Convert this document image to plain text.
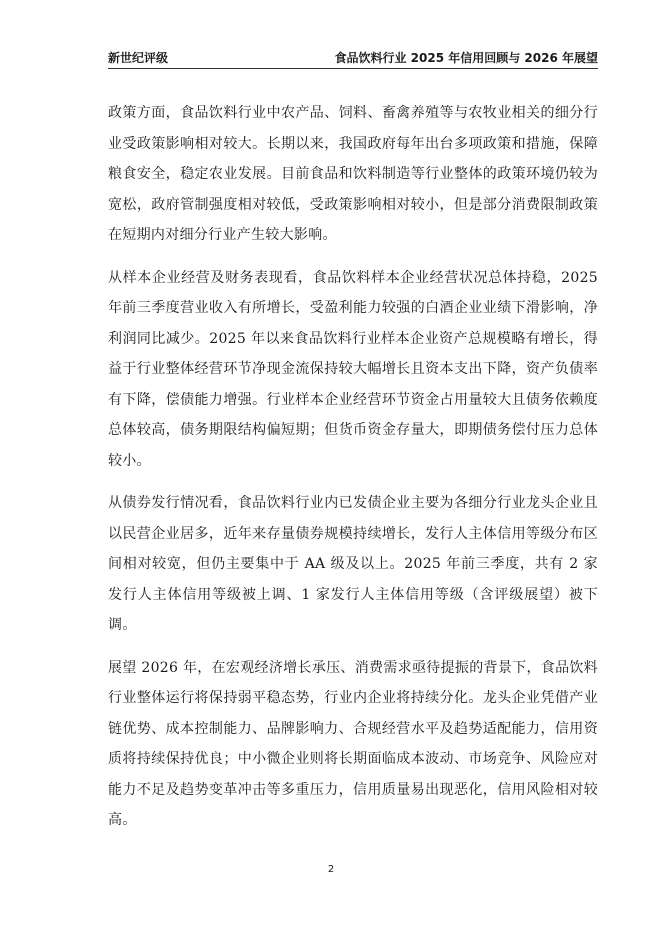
新世纪评级	食品饮料行业 2025 年信用回顾与 2026 年展望

政策方面，食品饮料行业中农产品、饲料、畜禽养殖等与农牧业相关的细分行业受政策影响相对较大。长期以来，我国政府每年出台多项政策和措施，保障粮食安全，稳定农业发展。目前食品和饮料制造等行业整体的政策环境仍较为宽松，政府管制强度相对较低，受政策影响相对较小，但是部分消费限制政策在短期内对细分行业产生较大影响。

从样本企业经营及财务表现看，食品饮料样本企业经营状况总体持稳，2025 年前三季度营业收入有所增长，受盈利能力较强的白酒企业业绩下滑影响，净利润同比减少。2025 年以来食品饮料行业样本企业资产总规模略有增长，得益于行业整体经营环节净现金流保持较大幅增长且资本支出下降，资产负债率有下降，偿债能力增强。行业样本企业经营环节资金占用量较大且债务依赖度总体较高，债务期限结构偏短期；但货币资金存量大，即期债务偿付压力总体较小。

从债券发行情况看，食品饮料行业内已发债企业主要为各细分行业龙头企业且以民营企业居多，近年来存量债券规模持续增长，发行人主体信用等级分布区间相对较宽，但仍主要集中于 AA 级及以上。2025 年前三季度，共有 2 家发行人主体信用等级被上调、1 家发行人主体信用等级（含评级展望）被下调。

展望 2026 年，在宏观经济增长承压、消费需求亟待提振的背景下，食品饮料行业整体运行将保持弱平稳态势，行业内企业将持续分化。龙头企业凭借产业链优势、成本控制能力、品牌影响力、合规经营水平及趋势适配能力，信用资质将持续保持优良；中小微企业则将长期面临成本波动、市场竞争、风险应对能力不足及趋势变革冲击等多重压力，信用质量易出现恶化，信用风险相对较高。

2
